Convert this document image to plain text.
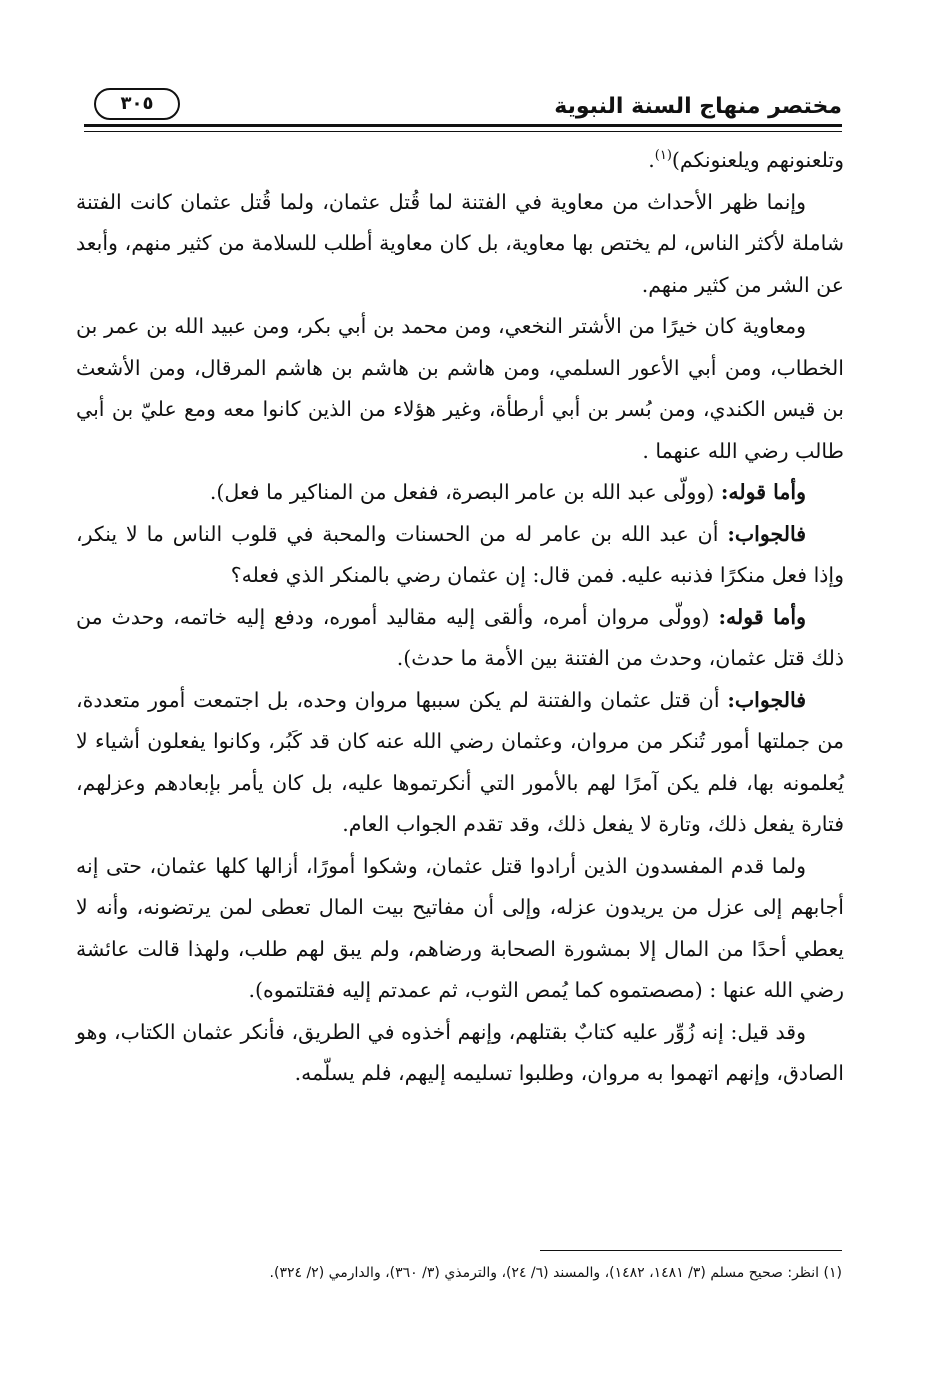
مختصر منهاج السنة النبوية
٣٠٥

وتلعنونهم ويلعنونكم)$^{(١)}$.

وإنما ظهر الأحداث من معاوية في الفتنة لما قُتل عثمان، ولما قُتل عثمان كانت الفتنة شاملة لأكثر الناس، لم يختص بها معاوية، بل كان معاوية أطلب للسلامة من كثير منهم، وأبعد عن الشر من كثير منهم.

ومعاوية كان خيرًا من الأشتر النخعي، ومن محمد بن أبي بكر، ومن عبيد الله بن عمر بن الخطاب، ومن أبي الأعور السلمي، ومن هاشم بن هاشم بن هاشم المرقال، ومن الأشعث بن قيس الكندي، ومن بُسر بن أبي أرطأة، وغير هؤلاء من الذين كانوا معه ومع عليّ بن أبي طالب رضي الله عنهما .

وأما قوله: (وولّى عبد الله بن عامر البصرة، ففعل من المناكير ما فعل).

فالجواب: أن عبد الله بن عامر له من الحسنات والمحبة في قلوب الناس ما لا ينكر، وإذا فعل منكرًا فذنبه عليه. فمن قال: إن عثمان رضي بالمنكر الذي فعله؟

وأما قوله: (وولّى مروان أمره، وألقى إليه مقاليد أموره، ودفع إليه خاتمه، وحدث من ذلك قتل عثمان، وحدث من الفتنة بين الأمة ما حدث).

فالجواب: أن قتل عثمان والفتنة لم يكن سببها مروان وحده، بل اجتمعت أمور متعددة، من جملتها أمور تُنكر من مروان، وعثمان رضي الله عنه كان قد كَبُر، وكانوا يفعلون أشياء لا يُعلمونه بها، فلم يكن آمرًا لهم بالأمور التي أنكرتموها عليه، بل كان يأمر بإبعادهم وعزلهم، فتارة يفعل ذلك، وتارة لا يفعل ذلك، وقد تقدم الجواب العام.

ولما قدم المفسدون الذين أرادوا قتل عثمان، وشكوا أمورًا، أزالها كلها عثمان، حتى إنه أجابهم إلى عزل من يريدون عزله، وإلى أن مفاتيح بيت المال تعطى لمن يرتضونه، وأنه لا يعطي أحدًا من المال إلا بمشورة الصحابة ورضاهم، ولم يبق لهم طلب، ولهذا قالت عائشة رضي الله عنها : (مصصتموه كما يُمص الثوب، ثم عمدتم إليه فقتلتموه).

وقد قيل: إنه زُوِّر عليه كتابٌ بقتلهم، وإنهم أخذوه في الطريق، فأنكر عثمان الكتاب، وهو الصادق، وإنهم اتهموا به مروان، وطلبوا تسليمه إليهم، فلم يسلّمه.

(١) انظر: صحيح مسلم (٣/ ١٤٨١، ١٤٨٢)، والمسند (٦/ ٢٤)، والترمذي (٣/ ٣٦٠)، والدارمي (٢/ ٣٢٤).
